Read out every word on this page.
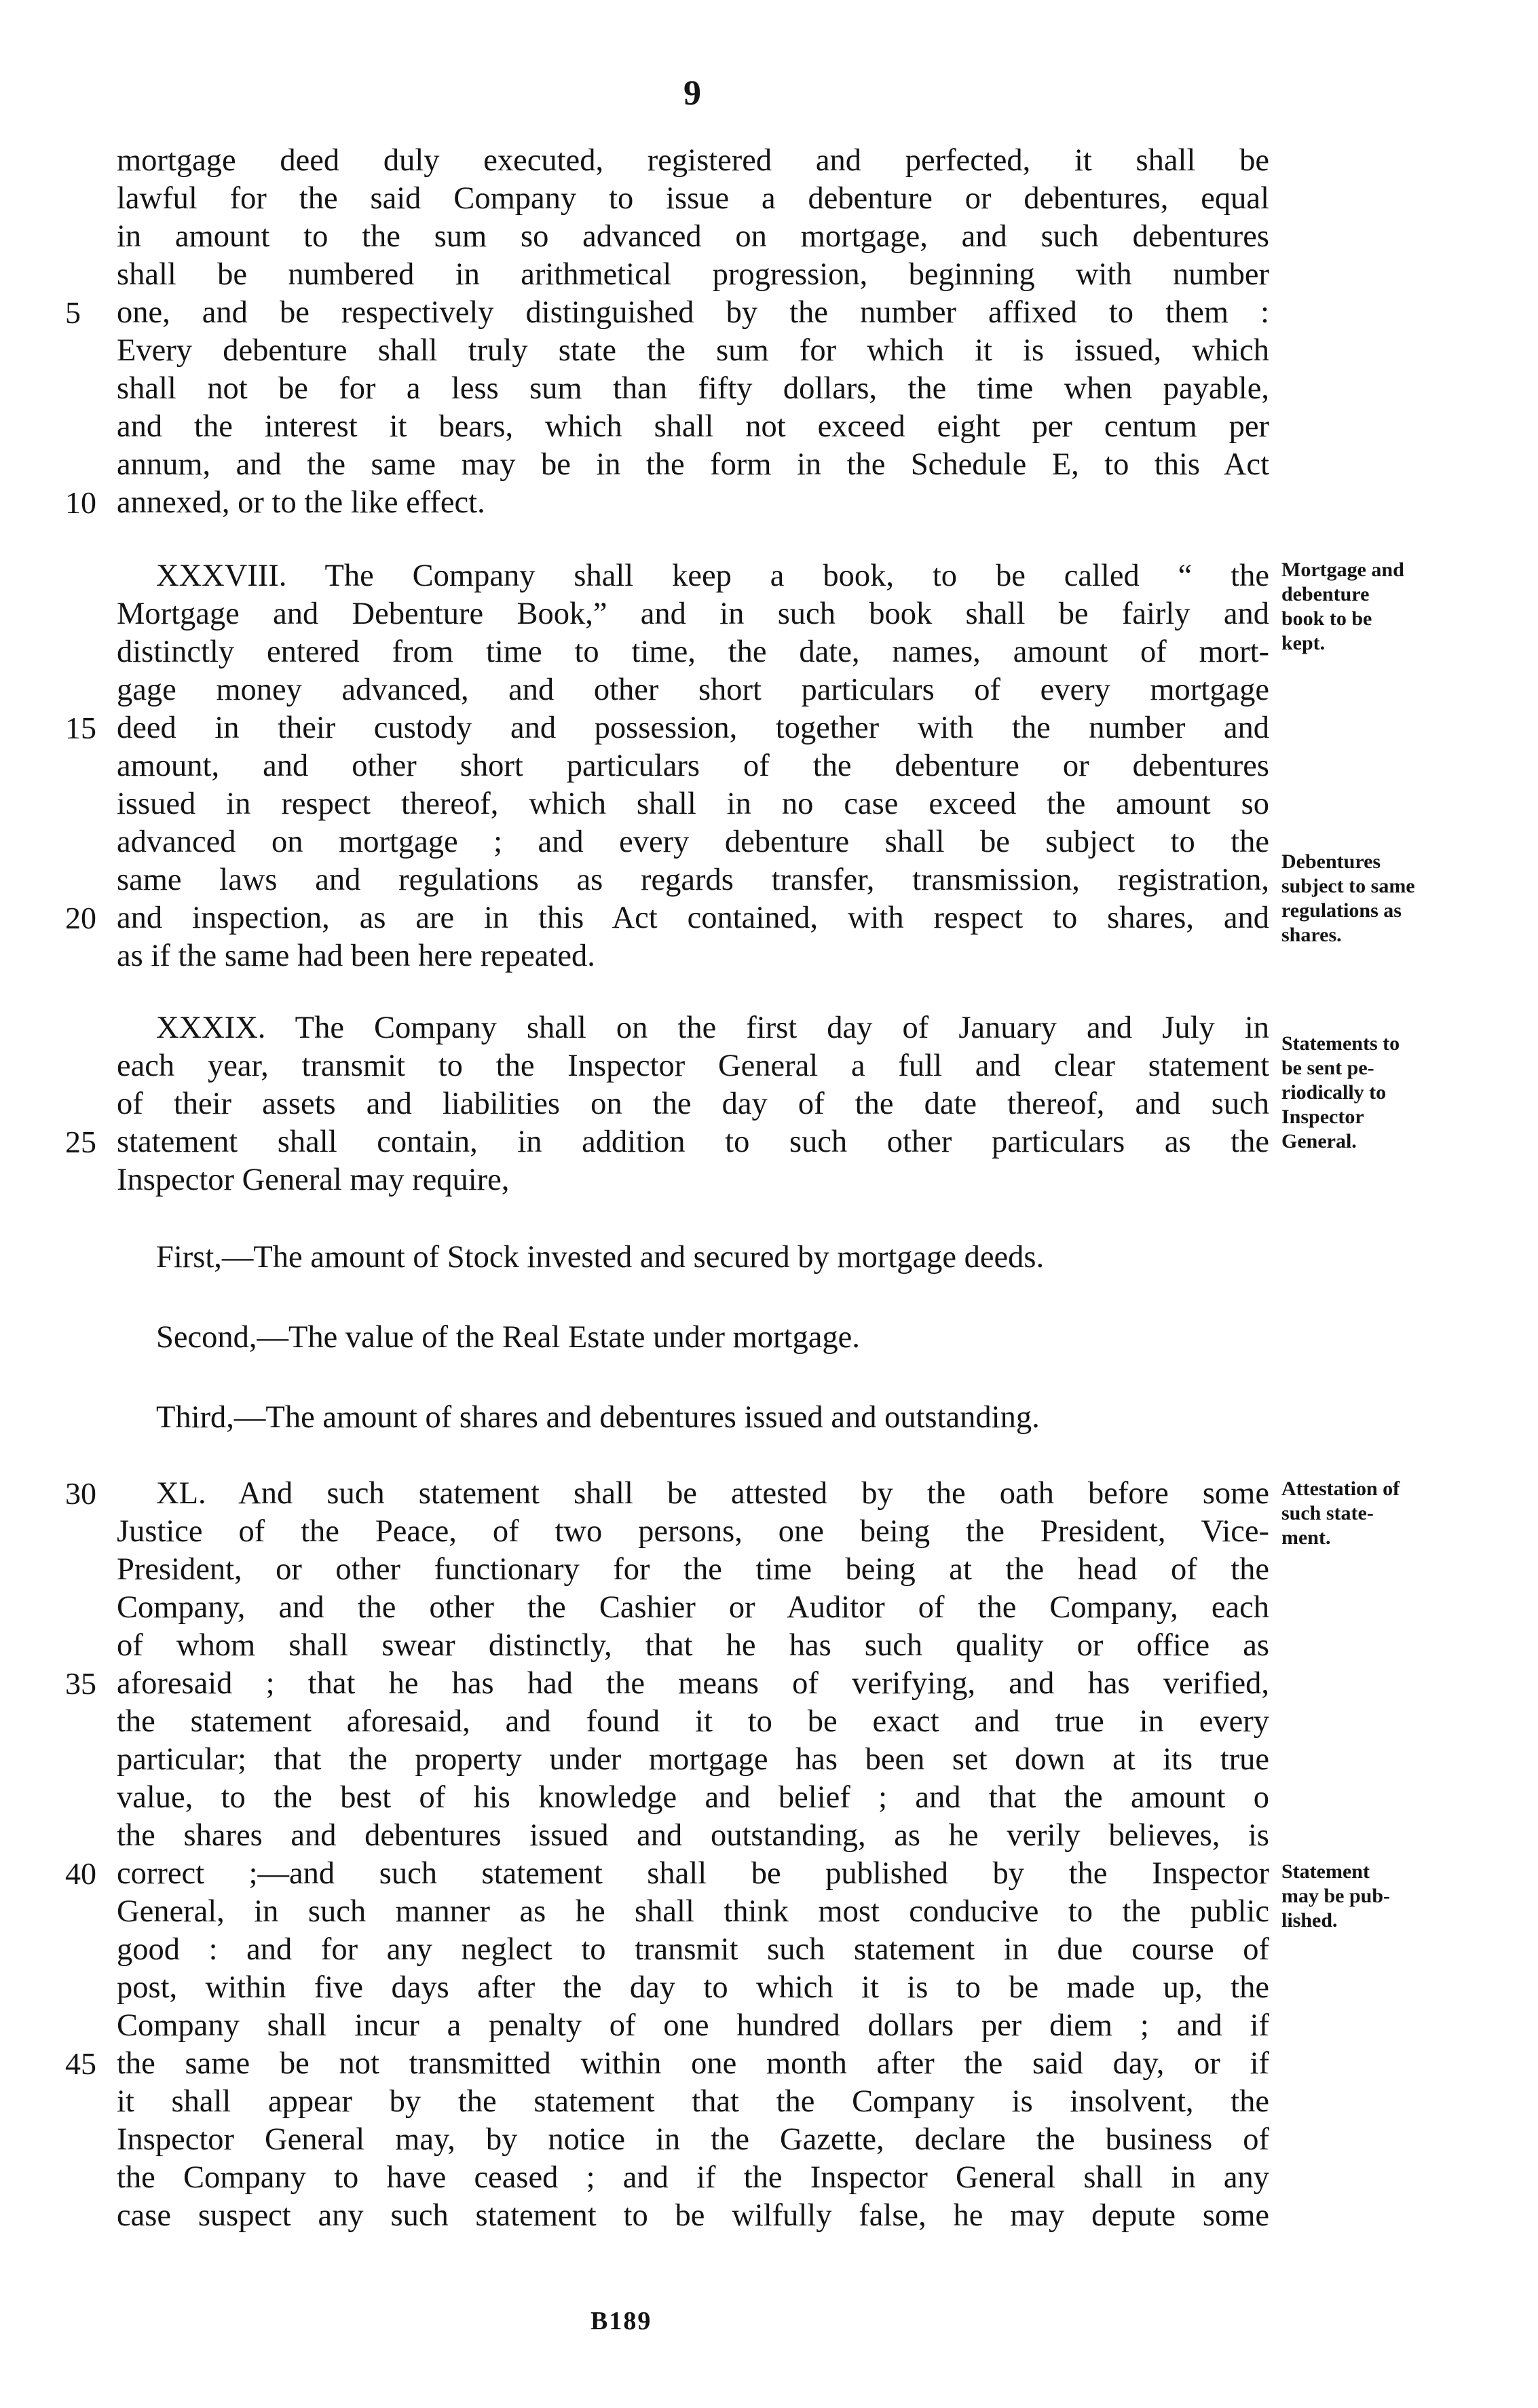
9
mortgage deed duly executed, registered and perfected, it shall be
lawful for the said Company to issue a debenture or debentures, equal
in amount to the sum so advanced on mortgage, and such debentures
shall be numbered in arithmetical progression, beginning with number
5	one, and be respectively distinguished by the number affixed to them :
Every debenture shall truly state the sum for which it is issued, which
shall not be for a less sum than fifty dollars, the time when payable,
and the interest it bears, which shall not exceed eight per centum per
annum, and the same may be in the form in the Schedule E, to this Act
10 annexed, or to the like effect.
XXXVIII. The Company shall keep a book, to be called “ the
Mortgage and Debenture Book,” and in such book shall be fairly and
distinctly entered from time to time, the date, names, amount of mort-
gage money advanced, and other short particulars of every mortgage
15 deed in their custody and possession, together with the number and
amount, and other short particulars of the debenture or debentures
issued in respect thereof, which shall in no case exceed the amount so
advanced on mortgage ; and every debenture shall be subject to the
same laws and regulations as regards transfer, transmission, registration,
20 and inspection, as are in this Act contained, with respect to shares, and
as if the same had been here repeated.
XXXIX. The Company shall on the first day of January and July in
each year, transmit to the Inspector General a full and clear statement
of their assets and liabilities on the day of the date thereof, and such
25 statement shall contain, in addition to such other particulars as the
Inspector General may require,
First,—The amount of Stock invested and secured by mortgage deeds.
Second,—The value of the Real Estate under mortgage.
Third,—The amount of shares and debentures issued and outstanding.
30	XL. And such statement shall be attested by the oath before some
Justice of the Peace, of two persons, one being the President, Vice-
President, or other functionary for the time being at the head of the
Company, and the other the Cashier or Auditor of the Company, each
of whom shall swear distinctly, that he has such quality or office as
35 aforesaid ; that he has had the means of verifying, and has verified,
the statement aforesaid, and found it to be exact and true in every
particular; that the property under mortgage has been set down at its true
value, to the best of his knowledge and belief ; and that the amount o
the shares and debentures issued and outstanding, as he verily believes, is
40 correct ;—and such statement shall be published by the Inspector
General, in such manner as he shall think most conducive to the public
good : and for any neglect to transmit such statement in due course of
post, within five days after the day to which it is to be made up, the
Company shall incur a penalty of one hundred dollars per diem ; and if
45 the same be not transmitted within one month after the said day, or if
it shall appear by the statement that the Company is insolvent, the
Inspector General may, by notice in the Gazette, declare the business of
the Company to have ceased ; and if the Inspector General shall in any
case suspect any such statement to be wilfully false, he may depute some
Mortgage and
debenture
book to be
kept.
Debentures
subject to same
regulations as
shares.
Statements to
be sent pe-
riodically to
Inspector
General.
Attestation of
such state-
ment.
Statement
may be pub-
lished.
B189
